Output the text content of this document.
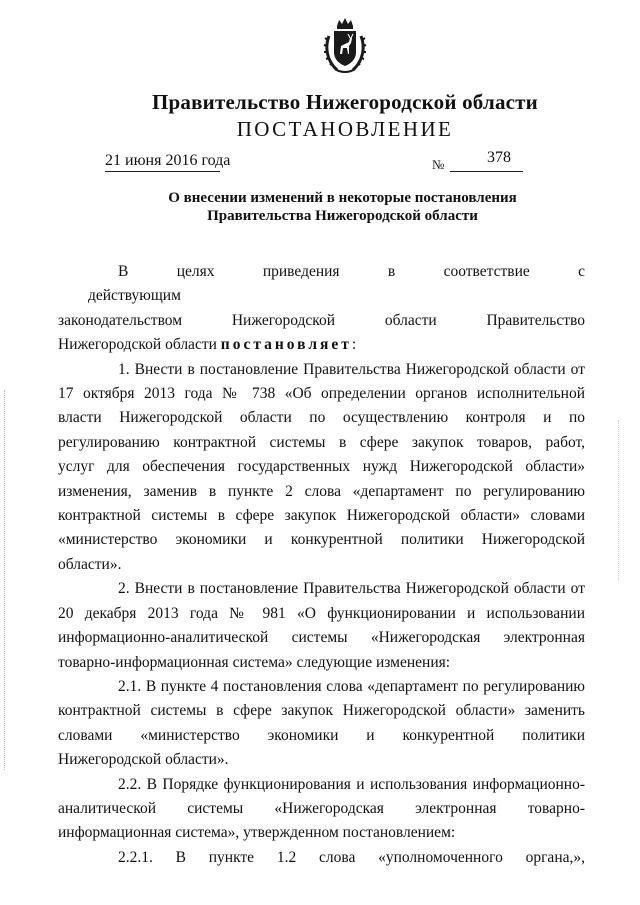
Правительство Нижегородской области
ПОСТАНОВЛЕНИЕ
21 июня 2016 года	№	378
О внесении изменений в некоторые постановления
Правительства Нижегородской области

В целях приведения в соответствие с действующим
законодательством Нижегородской области Правительство
Нижегородской области постановляет:

1. Внести в постановление Правительства Нижегородской области от
17 октября 2013 года № 738 «Об определении органов исполнительной
власти Нижегородской области по осуществлению контроля и по
регулированию контрактной системы в сфере закупок товаров, работ,
услуг для обеспечения государственных нужд Нижегородской области»
изменения, заменив в пункте 2 слова «департамент по регулированию
контрактной системы в сфере закупок Нижегородской области» словами
«министерство экономики и конкурентной политики Нижегородской
области».

2. Внести в постановление Правительства Нижегородской области от
20 декабря 2013 года № 981 «О функционировании и использовании
информационно-аналитической системы «Нижегородская электронная
товарно-информационная система» следующие изменения:

2.1. В пункте 4 постановления слова «департамент по регулированию
контрактной системы в сфере закупок Нижегородской области» заменить
словами «министерство экономики и конкурентной политики
Нижегородской области».

2.2. В Порядке функционирования и использования информационно-
аналитической системы «Нижегородская электронная товарно-
информационная система», утвержденном постановлением:

2.2.1. В пункте 1.2 слова «уполномоченного органа,»,
